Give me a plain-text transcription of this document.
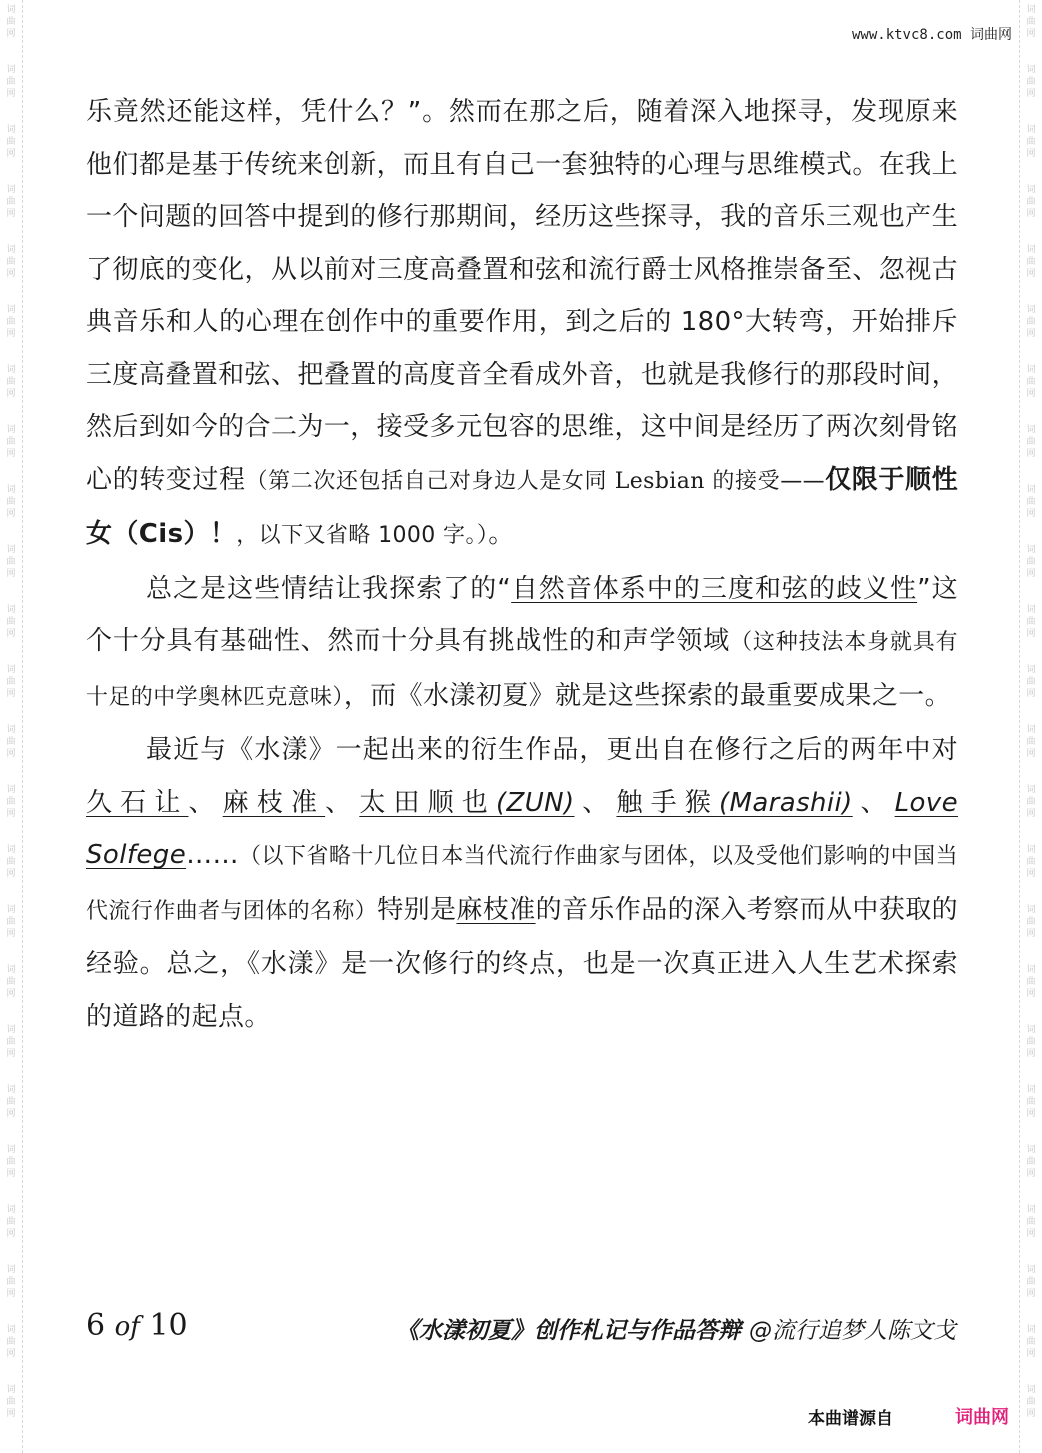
词
曲
网
词
曲
网
词
曲
网
词
曲
网
词
曲
网
词
曲
网
词
曲
网
词
曲
网
词
曲
网
词
曲
网
词
曲
网
词
曲
网
词
曲
网
词
曲
网
词
曲
网
词
曲
网
词
曲
网
词
曲
网
词
曲
网
词
曲
网
词
曲
网
词
曲
网
词
曲
网
词
曲
网
词
曲
网
词
曲
网
词
曲
网
词
曲
网
词
曲
网
词
曲
网
词
曲
网
词
曲
网
词
曲
网
词
曲
网
词
曲
网
词
曲
网
词
曲
网
词
曲
网
词
曲
网
词
曲
网
词
曲
网
词
曲
网
词
曲
网
词
曲
网
词
曲
网
词
曲
网
词
曲
网
词
曲
网
www.ktvc8.com 词曲网

乐竟然还能这样，凭什么？”。然而在那之后，随着深入地探寻，发现原来他们都是基于传统来创新，而且有自己一套独特的心理与思维模式。在我上一个问题的回答中提到的修行那期间，经历这些探寻，我的音乐三观也产生了彻底的变化，从以前对三度高叠置和弦和流行爵士风格推崇备至、忽视古典音乐和人的心理在创作中的重要作用，到之后的 180°大转弯，开始排斥三度高叠置和弦、把叠置的高度音全看成外音，也就是我修行的那段时间，然后到如今的合二为一，接受多元包容的思维，这中间是经历了两次刻骨铭心的转变过程（第二次还包括自己对身边人是女同 Lesbian 的接受——仅限于顺性女（Cis）！，以下又省略 1000 字。）。

总之是这些情结让我探索了的“自然音体系中的三度和弦的歧义性”这个十分具有基础性、然而十分具有挑战性的和声学领域（这种技法本身就具有十足的中学奥林匹克意味），而《水漾初夏》就是这些探索的最重要成果之一。

最近与《水漾》一起出来的衍生作品，更出自在修行之后的两年中对久石让、麻枝准、太田顺也(ZUN)、触手猴(Marashii)、Love Solfege……（以下省略十几位日本当代流行作曲家与团体，以及受他们影响的中国当代流行作曲者与团体的名称）特别是麻枝准的音乐作品的深入考察而从中获取的经验。总之，《水漾》是一次修行的终点，也是一次真正进入人生艺术探索的道路的起点。

6 of 10	《水漾初夏》创作札记与作品答辩 @流行追梦人陈文戈
本曲谱源自	词曲网
